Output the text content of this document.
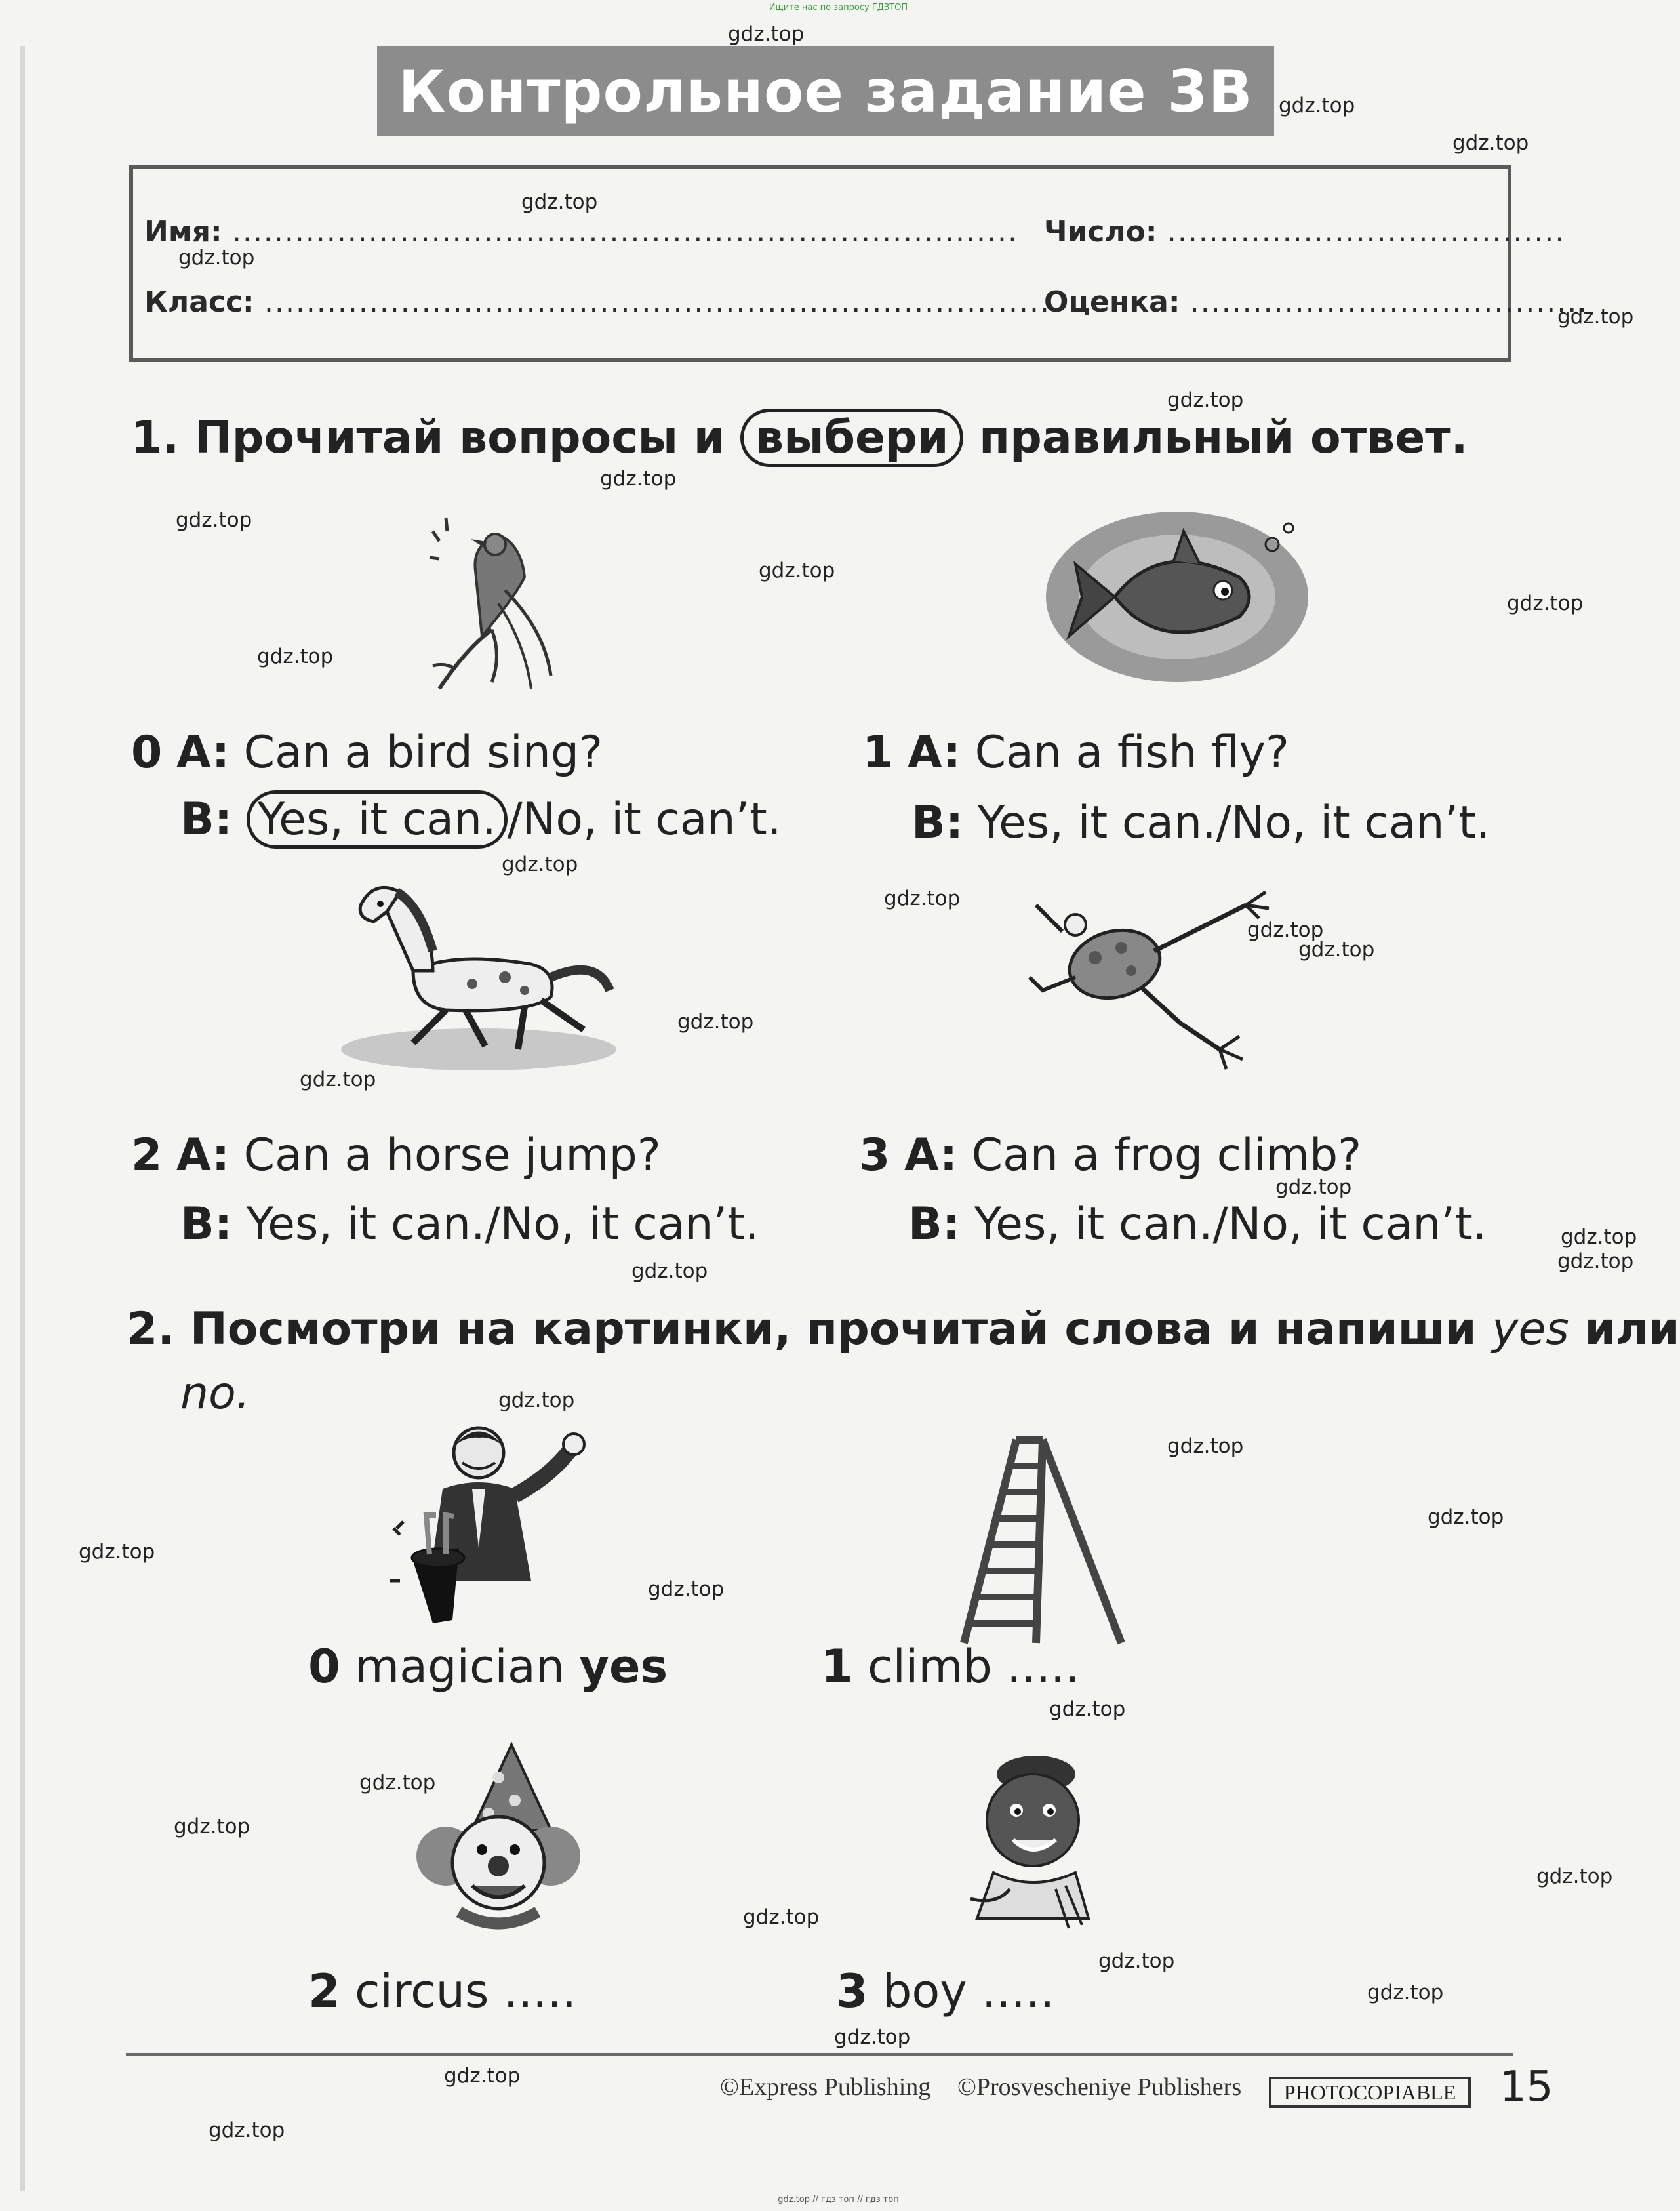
Ищите нас по запросу ГДЗТОП
gdz.top // гдз топ // гдз топ
Контрольное задание 3В
Имя: ........................................................................... Число: ......................................
Класс: ...........................................................................
Оценка: ......................................
1. Прочитай вопросы и выбери правильный ответ.
0 A: Can a bird sing?
B: Yes, it can. /No, it can’t.
1 A: Can a fish fly?
B: Yes, it can./No, it can’t.
2 A: Can a horse jump?
B: Yes, it can./No, it can’t.
3 A: Can a frog climb?
B: Yes, it can./No, it can’t.
2. Посмотри на картинки, прочитай слова и напиши yes или
no.
0 magician yes	1 climb .....
2 circus .....	3 boy .....
©Express Publishing ©Prosvescheniye Publishers	PHOTOCOPIABLE	15
gdz.top
gdz.top
gdz.top
gdz.top
gdz.top
gdz.top
gdz.top
gdz.top
gdz.top
gdz.top
gdz.top
gdz.top
gdz.top
gdz.top
gdz.top
gdz.top
gdz.top
gdz.top
gdz.top
gdz.top
gdz.top
gdz.top
gdz.top
gdz.top
gdz.top
gdz.top
gdz.top
gdz.top
gdz.top
gdz.top
gdz.top
gdz.top
gdz.top
gdz.top
gdz.top
gdz.top
gdz.top
